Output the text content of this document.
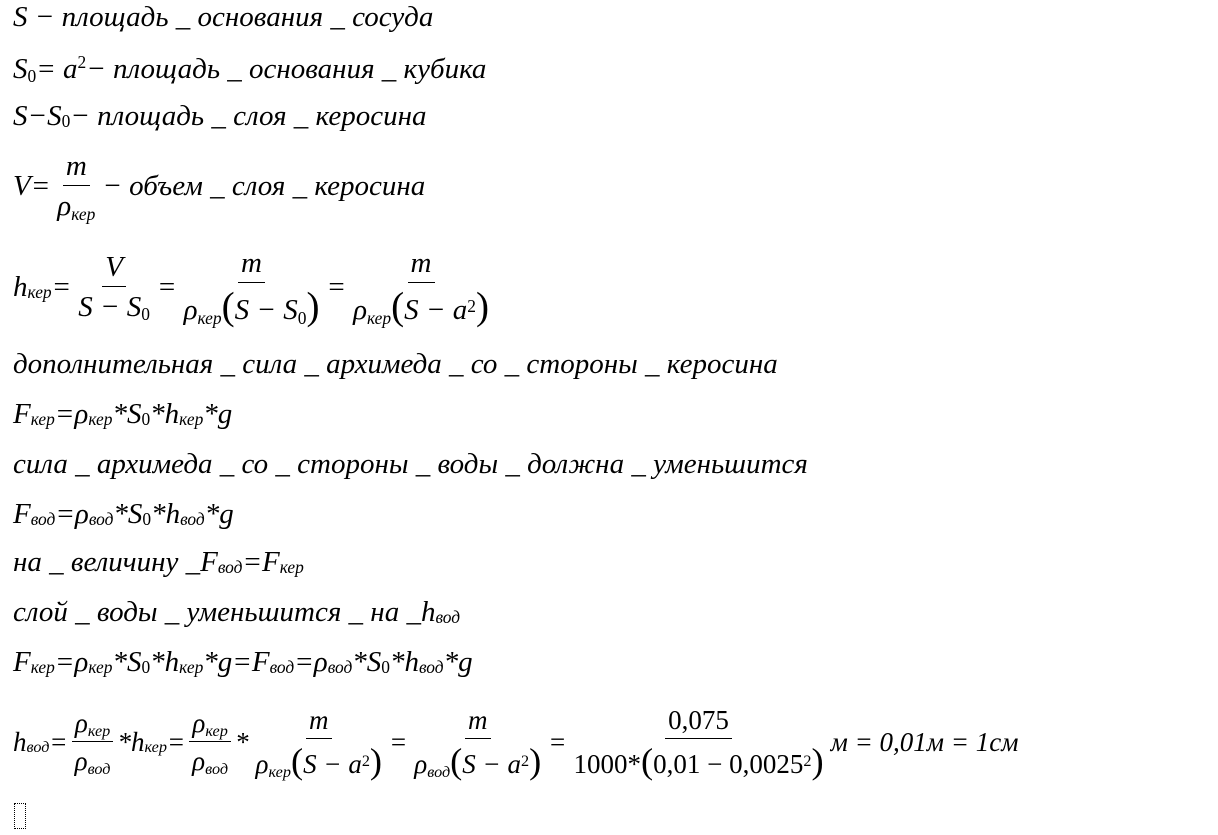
S − площадь _ основания _ сосуда
$S_0 = a^2$ − площадь _ основания _ кубика
$S - S_0$ − площадь _ слоя _ керосина
$V = \frac{m}{\rho_{кер}}$ − объем _ слоя _ керосина
$h_{кер} = \frac{V}{S - S_0} = \frac{m}{\rho_{кер}(S - S_0)} = \frac{m}{\rho_{кер}(S - a^2)}$
дополнительная _ сила _ архимеда _ со _ стороны _ керосина
$F_{кер} = \rho_{кер} * S_0 * h_{кер} * g$
сила _ архимеда _ со _ стороны _ воды _ должна _ уменьшится
$F_{вод} = \rho_{вод} * S_0 * h_{вод} * g$
на _ величину _ $F_{вод} = F_{кер}$
слой _ воды _ уменьшится _ на _ $h_{вод}$
$F_{кер} = \rho_{кер} * S_0 * h_{кер} * g = F_{вод} = \rho_{вод} * S_0 * h_{вод} * g$
$h_{вод} = \frac{\rho_{кер}}{\rho_{вод}} * h_{кер} = \frac{\rho_{кер}}{\rho_{вод}} * \frac{m}{\rho_{кер}(S - a^2)} = \frac{m}{\rho_{вод}(S - a^2)} = \frac{0,075}{1000*(0,01 - 0,0025^2)}$ м = 0,01м = 1см
